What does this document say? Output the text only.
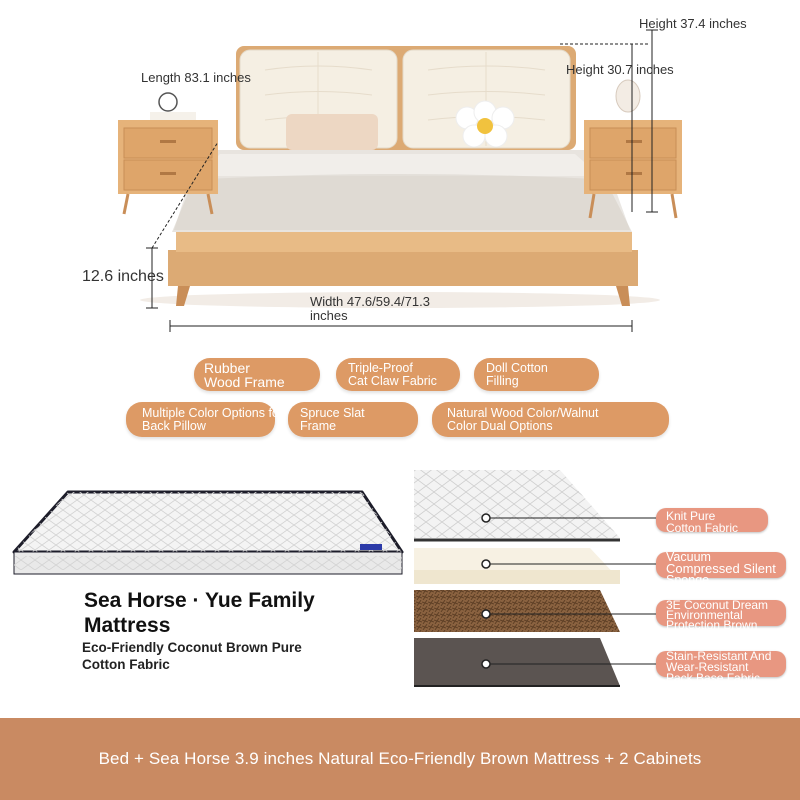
Height 37.4 inches
Height 30.7 inches
Length 83.1 inches
12.6 inches
Width 47.6/59.4/71.3
inches
Rubber
Wood Frame
Triple-Proof
Cat Claw Fabric
Doll Cotton
Filling
Multiple Color Options for
Back Pillow
Spruce Slat
Frame
Natural Wood Color/Walnut
Color Dual Options
Sea Horse · Yue Family
Mattress
Eco-Friendly Coconut Brown Pure Cotton Fabric
Knit Pure
Cotton Fabric
Vacuum
Compressed Silent
Sponge
3E Coconut Dream
Environmental
Protection Brown
Stain-Resistant And
Wear-Resistant
Pack Base Fabric
Bed + Sea Horse 3.9 inches Natural Eco-Friendly Brown Mattress + 2 Cabinets
